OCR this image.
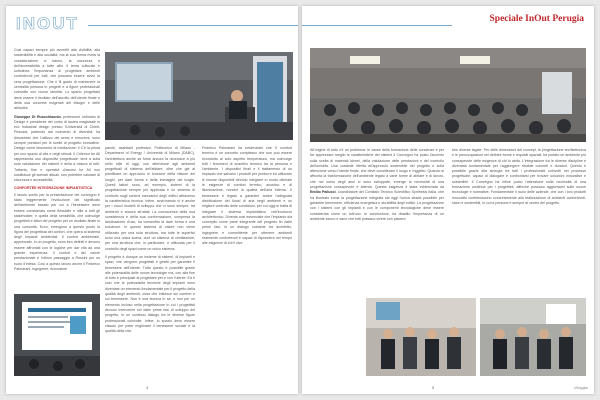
INOUT

Cosi capaci sempre più avvertiti alla vivibilità, alla sostenibilità e alla socialità; ma la sua forma rivela la considerazione ci hanno, la sicurezza e dell'accessibilità a tutte altri. Il tema culturale e sottolinea l'importanza di progettare ambienti confortevoli per tutti, che possano essere avvio la vera progettazione. Che il fil grado di mantenere la centralità persona in progetti e a figure professionali coinvolte con nuove identità. Lo spazio progettato deve essere il risultato dell'ascolto dell'utente finale e della sua concreta esigenza dei bisogni e delle abitudini.

Giuseppe Di Ruocchiaonio, professore ordinario di Design e presidente del corso di laurea magistrale in ecc Industrial design presso l'Università di Chieti-Pescara, partendo dal momento di diversità, ha dimostrato che l'utilizzo dei sensi e emozioni, sono sempre portatori per le scelte di progetto innovative. Design come strumento di mediazione: il C'è la prima per uno spazio di vita e negli stimoli. Il Criterion for All rappresenta uno dispositivi progettuale: temi a sulla sola valutazione dei sistemi e della a misura di tutti. Tuttavia, fine e operativi d'ascesi for All non sostituisce gli scenari attuali, non potrebbe valutare di sicurezza e accessibilità.

CONFORTEE INTEGRAZIONE IMPIANTISTICA

Il tavolo scelto per la presentazione del convegno è stato leggermente l'evoluzione del significato dell'ambiente basato per cui a l'benessere deve essere considerato come flessibile e utile a tutti gli stakeholder, e quella della sensibilità, che coinvolge progettisti e attori del progetto per un risultato finale in una comunità. Ecco, emergono a questo punto la figura del progettista del confort, che opera al sistema degli impianti ambientali. Il confort ambientale, apprezzato, in un progetto, sono ben definiti e devono essere affrontati con le logiche per dar vita ad una grande esperienza. Il confort e del valore prestazionale è l'ultimo passaggio a Rossini per un ruolo d'intesa. Così a questo lavoro anche il Federico Palmarani, ingegnere, ricercatore

parole, assistant professor, Politecnico di Milano - Department of Energy / Università di Milano (DABC), l'architettura anche se forse ancora la riconosce a più nello stile di oggi, con attenzione agli ambienti progettuali di sistema dell'abitare, oltre che già al pianificare un approccio in funzione della visione dei luoghi, per dare forma e della immagine dei luoghi. Questi fattori sono, ad esempio, sistemi di la progettazione sempre più applicata e un sistema di controllo sugli schemi meccanici degli edifici attraverso la caratteristica tecnica. Infine, avvicinando vi è anche per i nuovi modelli di sviluppo che vi sono sempre, tra ambienti e ancora sfruttati. La conoscenza della sua consistenza e della sua conformazione, compresa la destinazione d'uso, ha consentito di dare forma e una soluzione. In questo sistema di valore non viene utilizzato per una sola struttura, ma tutte le superfici sono una unica scena, cioè un sistema di ventilazione, per una struttura che, in particolare, è utilizzata per il controllo degli spazi come un unico sistema.

Il progetto è dunque un insieme di sistemi, di impianti e spazi, che vengono progettati e gestiti per garantire il benessere dell'utente. Tutto questo è possibile grazie alle potenzialità delle nuove tecnologie ma, con alla fine di tutto è principale al progettare per e con l'utente. Ed è così che le potenzialità tecniche degli impianti sono diventate un elemento fondamentale per il progetto della qualità degli ambienti, cosa che influisce sul comfort e sul benessere. Non è una tecnica in sé, e non per un elemento incluso nella progettazione in cui i progettisti devono intervenire sin dalle prime fasi di sviluppo del progetto, in un continuo dialogo tra le diverse figure professionali coinvolte. Infine, lo spazio deve essere vissuto per poter migliorare il benessere sociale e la qualità della vita.

Federico Palmarani ha evidenziato che 'Il comfort termico è un concetto complesso che non può essere ricondotto al solo aspetto temperatura, ma coinvolge tutti i fenomeni di scambio termico tra la persona e l'ambiente. I dispositivi finali e il trattamento di un impianto che salvano i prodotti per produrre ed utilizzare le risorse disponibili devono integrare in modo ottimale le esigenze di comfort termico, acustico e di illuminazione, nonché la qualità dell'aria interna.' Il benessere è legato a garantire anche l'adeguata distribuzione dei flussi di aria negli ambienti e un migliore controllo delle condizioni, per cui oggi si tratta di integrare il sistema impiantistico nell'involucro architettonico. Diventa così essenziale che l'impianto sia concepito come parte integrante del progetto fin dalle prime fasi, in un dialogo costante tra architetto, ingegnere e committente per ottenere ambienti realmente confortevoli e capaci di rispondere nel tempo alle esigenze di chi li vive.

4
Speciale InOut Perugia

All'origine di tutto c'è un problema: le cause della formazione delle condense e per far apprezzare meglio le caratteristiche dei sistemi il Convegno ha posto l'accento sulla scelta di materiali idonei, della valutazione delle prestazioni e del controllo dell'umidità. Una costante riferita all'approccio sostenibile del progetto e sulla attenzione verso l'utente finale, che deve considerare il luogo e l'oggetto. Quando si affronta la trasformazione dell'ambiente legato a varie forme di abitare e di lavoro, che nel corso degli anni si sono sviluppate, emerge la necessità di una progettazione consapevole e attenta. Questa esigenza è stata evidenziata da Emilio Pallucci, coordinatore del Comitato Tecnico Scientifico Synthesis Italia, che ha illustrato come la progettazione integrata sia oggi l'unica strada possibile per garantire benessere, efficienza energetica e durabilità degli edifici. La progettazione con i sistemi con gli impianti e con le componenti tecnologiche deve essere considerata come un tutt'uno. In conclusione, ha ribadito l'importanza di un ambiente sicuro e sano che tutti possano vivere con piacere.

ben diverse legate. Per delle dimensioni del concept, la progettazione architettonica e le preoccupazioni nel definire forme e requisiti spaziali, ha portato un ambiente più consapevole delle esigenze di chi lo abita. L'integrazione tra le diverse discipline è diventata fondamentale per raggiungere risultati concreti e duraturi. Questo è possibile grazie alla sinergia tra tutti i professionisti coinvolti nel processo progettuale, capaci di dialogare e confrontarsi per trovare soluzioni innovative e sostenibili. Il Convegno ha infine posto l'attenzione sulla necessità di una formazione continua per i progettisti, affinché possano aggiornarsi sulle nuove tecnologie e normative. Fondamentale il ruolo delle aziende, che con i loro prodotti innovativi contribuiscono concretamente alla realizzazione di ambienti confortevoli, sicuri e sostenibili, in cui la persona è sempre al centro del progetto.

5	INoggio
